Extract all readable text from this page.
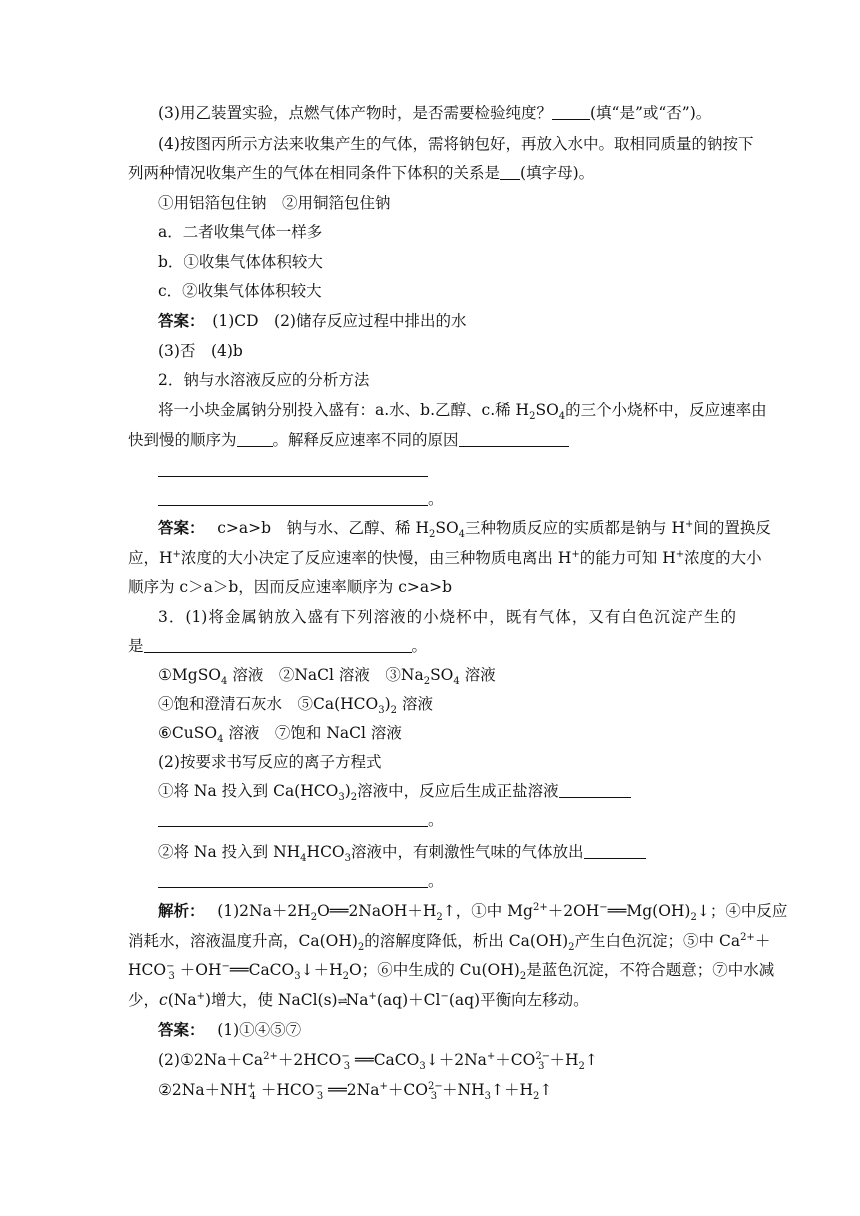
(3)用乙装置实验，点燃气体产物时，是否需要检验纯度？ (填“是”或“否”)。
(4)按图丙所示方法来收集产生的气体，需将钠包好，再放入水中。取相同质量的钠按下
列两种情况收集产生的气体在相同条件下体积的关系是 (填字母)。
①用铝箔包住钠　②用铜箔包住钠
a．二者收集气体一样多
b．①收集气体体积较大
c．②收集气体体积较大
答案：　 (1)CD　(2)储存反应过程中排出的水
(3)否　(4)b
2．钠与水溶液反应的分析方法
将一小块金属钠分别投入盛有：a.水、b.乙醇、c.稀 $H_2SO_4$的三个小烧杯中，反应速率由
快到慢的顺序为 。解释反应速率不同的原因
。
答案：　 c>a>b　钠与水、乙醇、稀 $H_2SO_4$三种物质反应的实质都是钠与 H+间的置换反
应，H+浓度的大小决定了反应速率的快慢，由三种物质电离出 H+的能力可知 H+浓度的大小
顺序为 c＞a＞b，因而反应速率顺序为 c>a>b
3．(1)将金属钠放入盛有下列溶液的小烧杯中，既有气体，又有白色沉淀产生的
是	。
①MgSO$_4$ 溶液　②NaCl 溶液　$③Na_2SO_4$ 溶液
④饱和澄清石灰水　$⑤Ca(HCO_3)_2$ 溶液
⑥CuSO$_4$ 溶液　⑦饱和 NaCl 溶液
(2)按要求书写反应的离子方程式
①将 Na 投入到 $Ca(HCO_3)_2$溶液中，反应后生成正盐溶液
。
②将 Na 投入到 $NH_4HCO_3$溶液中，有刺激性气味的气体放出
。
解析：　 $(1)2Na+2H_2O══2NaOH+H_2↑$，①中 $Mg^{2+}+2OH^-══Mg(OH)_2↓$；④中反应
消耗水，溶液温度升高，$Ca(OH)_2$的溶解度降低，析出 $Ca(OH)_2$产生白色沉淀；⑤中 $Ca^{2+}+$
$HCO^-_3$ $+OH^-══CaCO_3↓+H_2O$；⑥中生成的 $Cu(OH)_2$是蓝色沉淀，不符合题意；⑦中水减
少，c(Na+)增大，使 NaCl(s)⇌Na+(aq)＋Cl−(aq)平衡向左移动。
答案：　 (1)①④⑤⑦
$(2)①2Na+Ca^{2+}+2HCO^-_3$ $══CaCO_3↓+2Na^++CO^{2-}_3$ $+H_2↑$
$②2Na+NH^+_4 +HCO^-_3$ $══2Na^++CO^{2-}_3$ $+NH_3↑+H_2↑$
